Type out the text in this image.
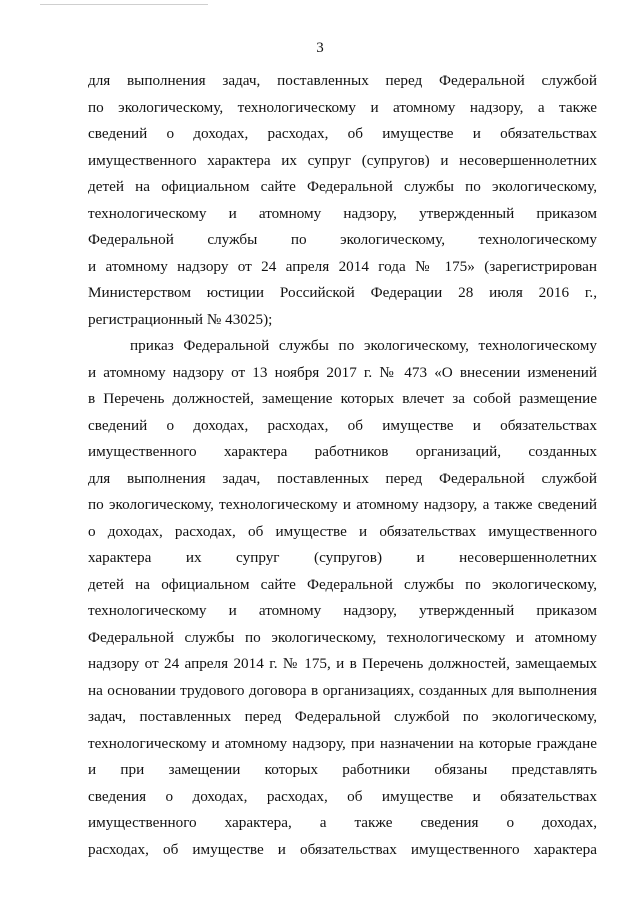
3
для выполнения задач, поставленных перед Федеральной службой
по экологическому, технологическому и атомному надзору, а также
сведений о доходах, расходах, об имуществе и обязательствах
имущественного характера их супруг (супругов) и несовершеннолетних
детей на официальном сайте Федеральной службы по экологическому,
технологическому и атомному надзору, утвержденный приказом
Федеральной службы по экологическому, технологическому
и атомному надзору от 24 апреля 2014 года № 175» (зарегистрирован
Министерством юстиции Российской Федерации 28 июля 2016 г.,
регистрационный № 43025);
приказ Федеральной службы по экологическому, технологическому
и атомному надзору от 13 ноября 2017 г. № 473 «О внесении изменений
в Перечень должностей, замещение которых влечет за собой размещение
сведений о доходах, расходах, об имуществе и обязательствах
имущественного характера работников организаций, созданных
для выполнения задач, поставленных перед Федеральной службой
по экологическому, технологическому и атомному надзору, а также сведений
о доходах, расходах, об имуществе и обязательствах имущественного
характера их супруг (супругов) и несовершеннолетних
детей на официальном сайте Федеральной службы по экологическому,
технологическому и атомному надзору, утвержденный приказом
Федеральной службы по экологическому, технологическому и атомному
надзору от 24 апреля 2014 г. № 175, и в Перечень должностей, замещаемых
на основании трудового договора в организациях, созданных для выполнения
задач, поставленных перед Федеральной службой по экологическому,
технологическому и атомному надзору, при назначении на которые граждане
и при замещении которых работники обязаны представлять
сведения о доходах, расходах, об имуществе и обязательствах
имущественного характера, а также сведения о доходах,
расходах, об имуществе и обязательствах имущественного характера
